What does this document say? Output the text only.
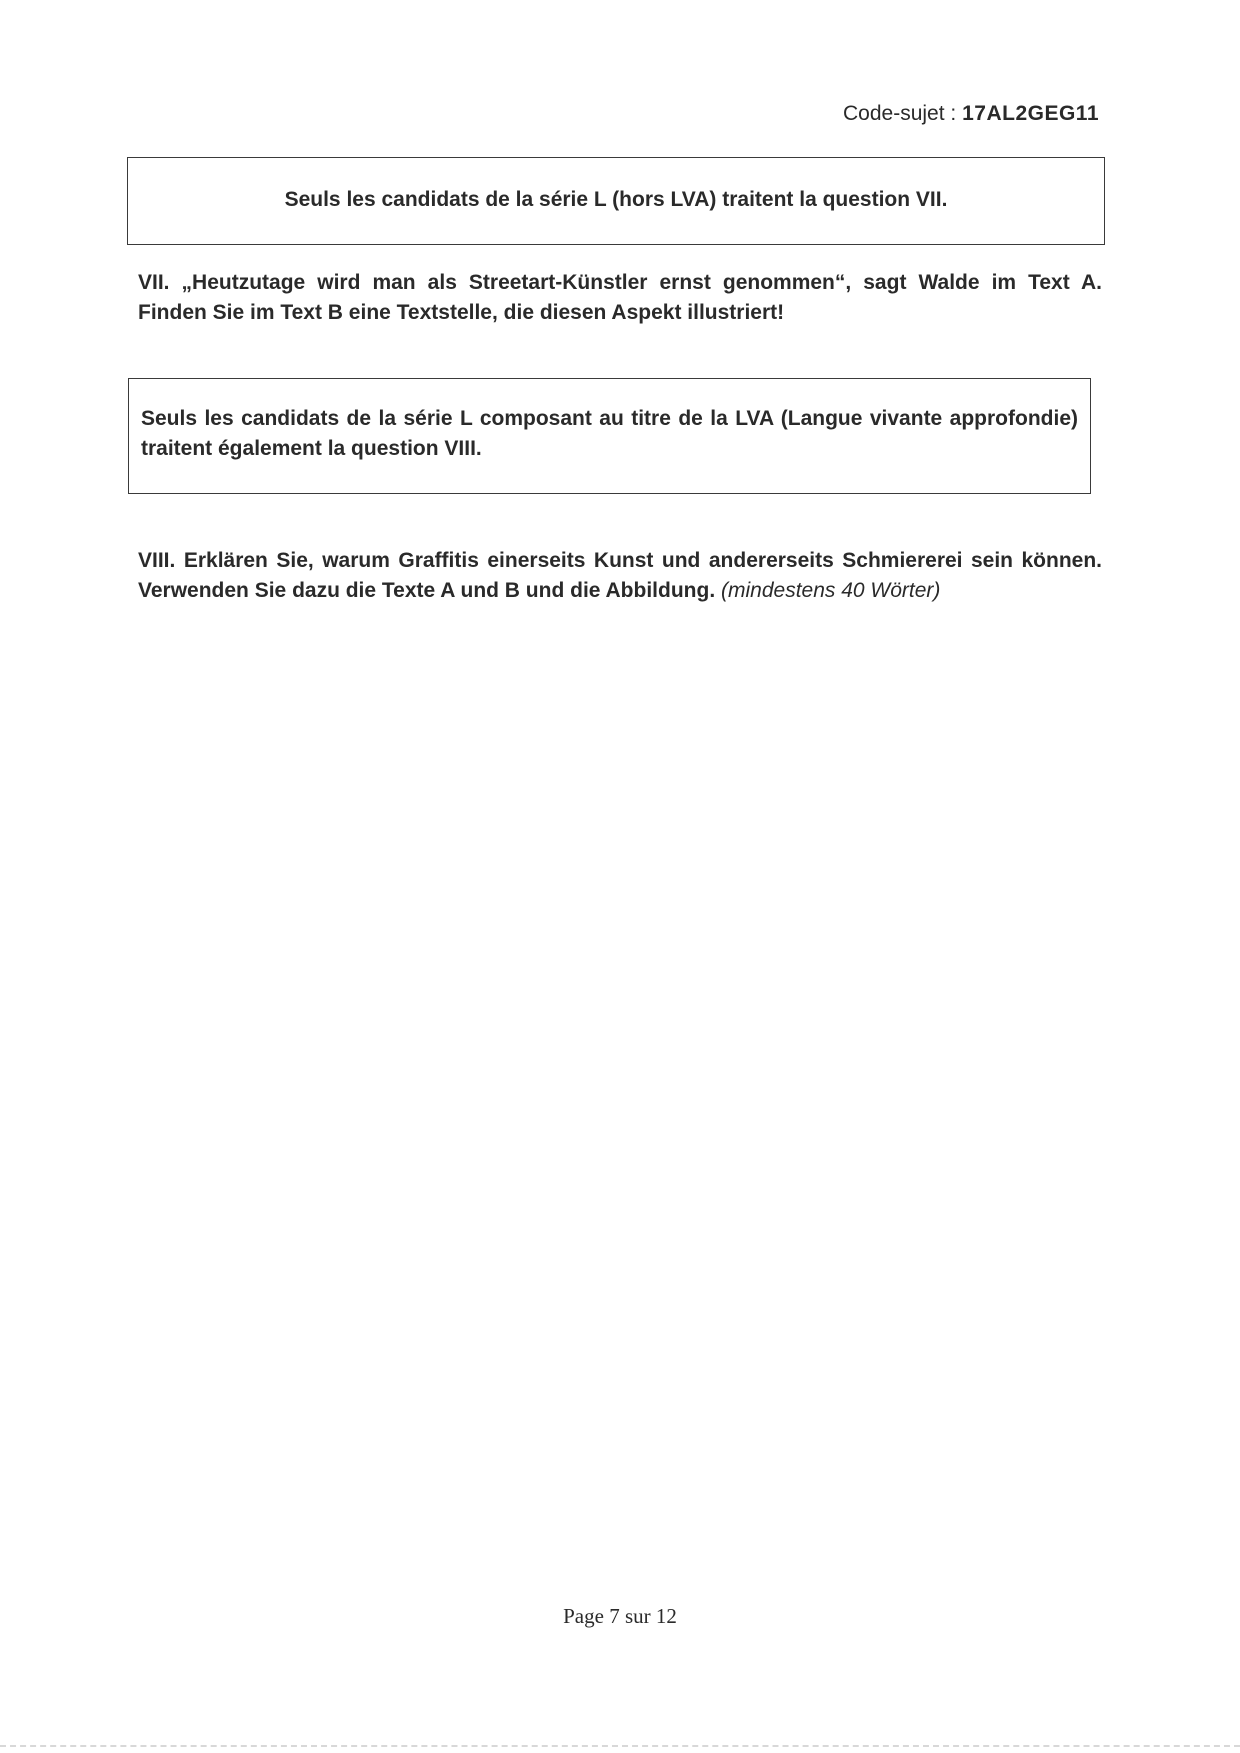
Code-sujet : 17AL2GEG11
Seuls les candidats de la série L (hors LVA) traitent la question VII.
VII. „Heutzutage wird man als Streetart-Künstler ernst genommen“, sagt Walde im Text A. Finden Sie im Text B eine Textstelle, die diesen Aspekt illustriert!
Seuls les candidats de la série L composant au titre de la LVA (Langue vivante approfondie) traitent également la question VIII.
VIII. Erklären Sie, warum Graffitis einerseits Kunst und andererseits Schmiererei sein können. Verwenden Sie dazu die Texte A und B und die Abbildung. (mindestens 40 Wörter)
Page 7 sur 12
